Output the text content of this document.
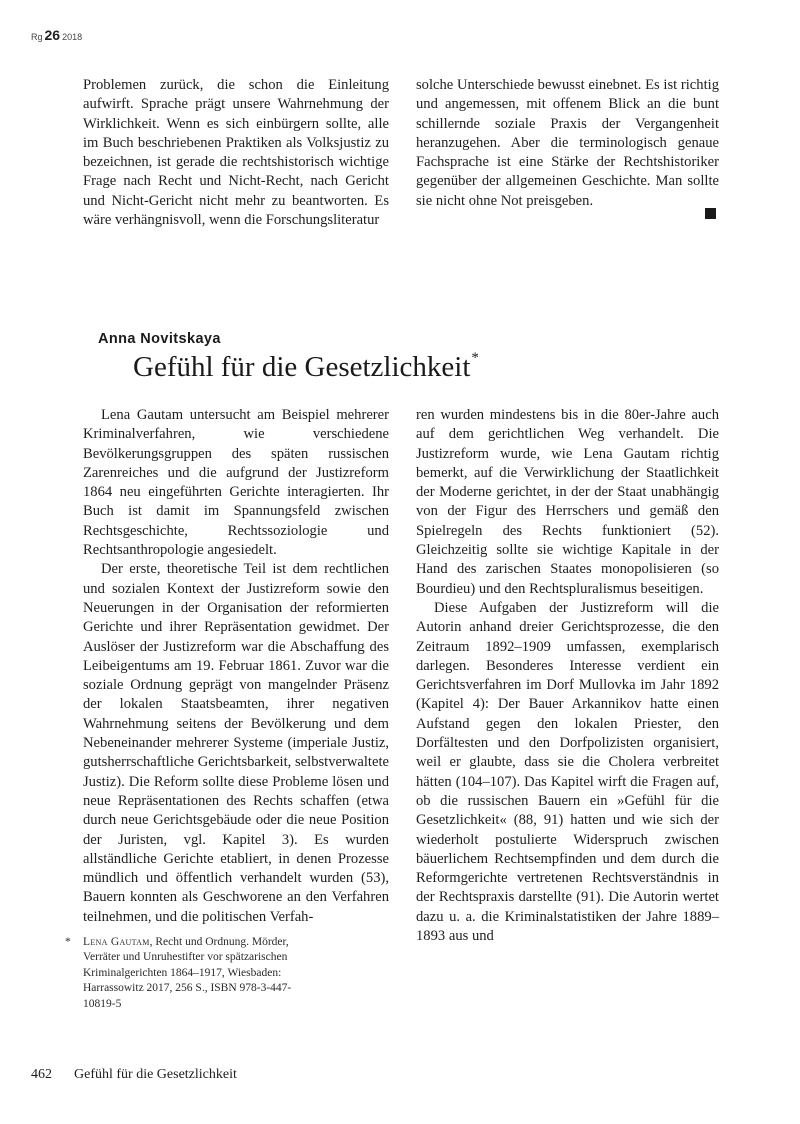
Rg 26 2018

Problemen zurück, die schon die Einleitung aufwirft. Sprache prägt unsere Wahrnehmung der Wirklichkeit. Wenn es sich einbürgern sollte, alle im Buch beschriebenen Praktiken als Volksjustiz zu bezeichnen, ist gerade die rechtshistorisch wichtige Frage nach Recht und Nicht-Recht, nach Gericht und Nicht-Gericht nicht mehr zu beantworten. Es wäre verhängnisvoll, wenn die Forschungsliteratur

solche Unterschiede bewusst einebnet. Es ist richtig und angemessen, mit offenem Blick an die bunt schillernde soziale Praxis der Vergangenheit heranzugehen. Aber die terminologisch genaue Fachsprache ist eine Stärke der Rechtshistoriker gegenüber der allgemeinen Geschichte. Man sollte sie nicht ohne Not preisgeben.

Anna Novitskaya
Gefühl für die Gesetzlichkeit*

Lena Gautam untersucht am Beispiel mehrerer Kriminalverfahren, wie verschiedene Bevölkerungsgruppen des späten russischen Zarenreiches und die aufgrund der Justizreform 1864 neu eingeführten Gerichte interagierten. Ihr Buch ist damit im Spannungsfeld zwischen Rechtsgeschichte, Rechtssoziologie und Rechtsanthropologie angesiedelt.

Der erste, theoretische Teil ist dem rechtlichen und sozialen Kontext der Justizreform sowie den Neuerungen in der Organisation der reformierten Gerichte und ihrer Repräsentation gewidmet. Der Auslöser der Justizreform war die Abschaffung des Leibeigentums am 19. Februar 1861. Zuvor war die soziale Ordnung geprägt von mangelnder Präsenz der lokalen Staatsbeamten, ihrer negativen Wahrnehmung seitens der Bevölkerung und dem Nebeneinander mehrerer Systeme (imperiale Justiz, gutsherrschaftliche Gerichtsbarkeit, selbstverwaltete Justiz). Die Reform sollte diese Probleme lösen und neue Repräsentationen des Rechts schaffen (etwa durch neue Gerichtsgebäude oder die neue Position der Juristen, vgl. Kapitel 3). Es wurden allständliche Gerichte etabliert, in denen Prozesse mündlich und öffentlich verhandelt wurden (53), Bauern konnten als Geschworene an den Verfahren teilnehmen, und die politischen Verfah-

ren wurden mindestens bis in die 80er-Jahre auch auf dem gerichtlichen Weg verhandelt. Die Justizreform wurde, wie Lena Gautam richtig bemerkt, auf die Verwirklichung der Staatlichkeit der Moderne gerichtet, in der der Staat unabhängig von der Figur des Herrschers und gemäß den Spielregeln des Rechts funktioniert (52). Gleichzeitig sollte sie wichtige Kapitale in der Hand des zarischen Staates monopolisieren (so Bourdieu) und den Rechtspluralismus beseitigen.

Diese Aufgaben der Justizreform will die Autorin anhand dreier Gerichtsprozesse, die den Zeitraum 1892–1909 umfassen, exemplarisch darlegen. Besonderes Interesse verdient ein Gerichtsverfahren im Dorf Mullovka im Jahr 1892 (Kapitel 4): Der Bauer Arkannikov hatte einen Aufstand gegen den lokalen Priester, den Dorfältesten und den Dorfpolizisten organisiert, weil er glaubte, dass sie die Cholera verbreitet hätten (104–107). Das Kapitel wirft die Fragen auf, ob die russischen Bauern ein »Gefühl für die Gesetzlichkeit« (88, 91) hatten und wie sich der wiederholt postulierte Widerspruch zwischen bäuerlichem Rechtsempfinden und dem durch die Reformgerichte vertretenen Rechtsverständnis in der Rechtspraxis darstellte (91). Die Autorin wertet dazu u. a. die Kriminalstatistiken der Jahre 1889–1893 aus und

*	Lena Gautam, Recht und Ordnung. Mörder, Verräter und Unruhestifter vor spätzarischen Kriminalgerichten 1864–1917, Wiesbaden: Harrassowitz 2017, 256 S., ISBN 978-3-447-10819-5
462 Gefühl für die Gesetzlichkeit
